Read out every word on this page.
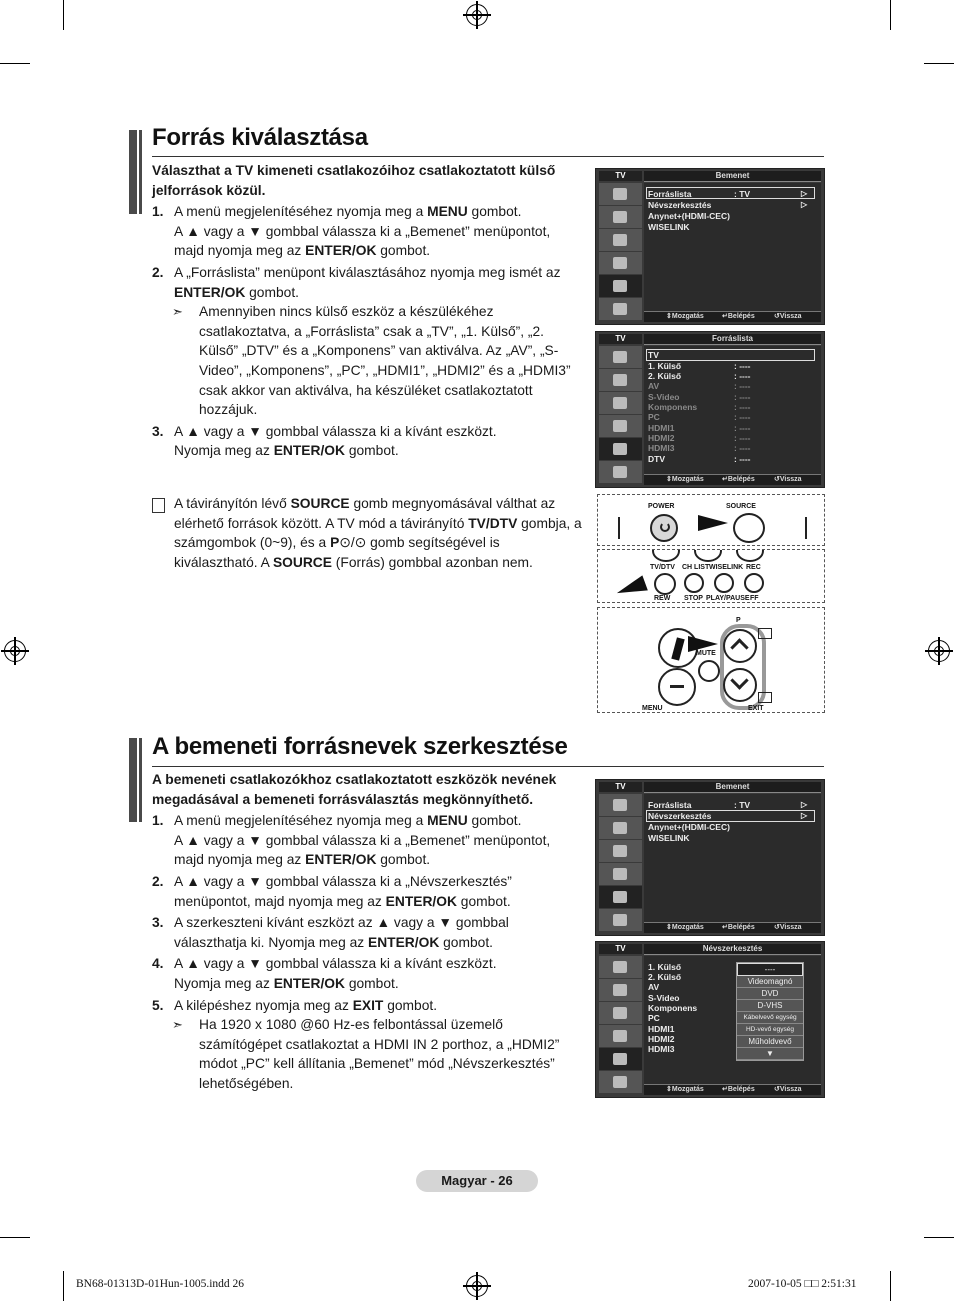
Forrás kiválasztása
Választhat a TV kimeneti csatlakozóihoz csatlakoztatott külső jelforrások közül.
1. A menü megjelenítéséhez nyomja meg a MENU gombot.
A ▲ vagy a ▼ gombbal válassza ki a „Bemenet” menüpontot, majd nyomja meg az ENTER/OK gombot.
2. A „Forráslista” menüpont kiválasztásához nyomja meg ismét az ENTER/OK gombot.
➣ Amennyiben nincs külső eszköz a készülékéhez csatlakoztatva, a „Forráslista” csak a „TV”, „1. Külső”, „2. Külső” „DTV” és a „Komponens” van aktiválva. Az „AV”, „S-Video”, „Komponens”, „PC”, „HDMI1”, „HDMI2” és a „HDMI3” csak akkor van aktiválva, ha készüléket csatlakoztatott hozzájuk.
3. A ▲ vagy a ▼ gombbal válassza ki a kívánt eszközt.
Nyomja meg az ENTER/OK gombot.
A távirányítón lévő SOURCE gomb megnyomásával válthat az elérhető források között. A TV mód a távirányító TV/DTV gombja, a számgombok (0~9), és a P⊙/⊙ gomb segítségével is kiválasztható. A SOURCE (Forrás) gombbal azonban nem.
TV	Bemenet
Forráslista	: TV	▷
Névszerkesztés	▷
Anynet+(HDMI-CEC)
WISELINK
⇕ Mozgatás	↵ Belépés	↺ Vissza
TV	Forráslista
TV
1. Külső	: ----
2. Külső	: ----
AV	: ----
S-Video	: ----
Komponens	: ----
PC	: ----
HDMI1	: ----
HDMI2	: ----
HDMI3	: ----
DTV	: ----
⇕ Mozgatás	↵ Belépés	↺ Vissza
POWER	SOURCE
TV/DTV CH LIST WISELINK REC
REW STOP PLAY/PAUSE FF
P
MUTE
MENU	EXIT
A bemeneti forrásnevek szerkesztése
A bemeneti csatlakozókhoz csatlakoztatott eszközök nevének megadásával a bemeneti forrásválasztás megkönnyíthető.
1. A menü megjelenítéséhez nyomja meg a MENU gombot.
A ▲ vagy a ▼ gombbal válassza ki a „Bemenet” menüpontot, majd nyomja meg az ENTER/OK gombot.
2. A ▲ vagy a ▼ gombbal válassza ki a „Névszerkesztés” menüpontot, majd nyomja meg az ENTER/OK gombot.
3. A szerkeszteni kívánt eszközt az ▲ vagy a ▼ gombbal választhatja ki. Nyomja meg az ENTER/OK gombot.
4. A ▲ vagy a ▼ gombbal válassza ki a kívánt eszközt.
Nyomja meg az ENTER/OK gombot.
5. A kilépéshez nyomja meg az EXIT gombot.
➣ Ha 1920 x 1080 @60 Hz-es felbontással üzemelő számítógépet csatlakoztat a HDMI IN 2 porthoz, a „HDMI2” módot „PC” kell állítania „Bemenet” mód „Névszerkesztés” lehetőségében.
TV	Bemenet
Forráslista	: TV	▷
Névszerkesztés	▷
Anynet+(HDMI-CEC)
WISELINK
⇕ Mozgatás	↵ Belépés	↺ Vissza
TV	Névszerkesztés
1. Külső
2. Külső
AV
S-Video
Komponens
PC
HDMI1
HDMI2
HDMI3
----
Videomagnó
DVD
D-VHS
Kábelvevő egység
HD-vevő egység
Műholdvevő
▼
⇕ Mozgatás	↵ Belépés	↺ Vissza
Magyar - 26
BN68-01313D-01Hun-1005.indd 26	2007-10-05 □□ 2:51:31
